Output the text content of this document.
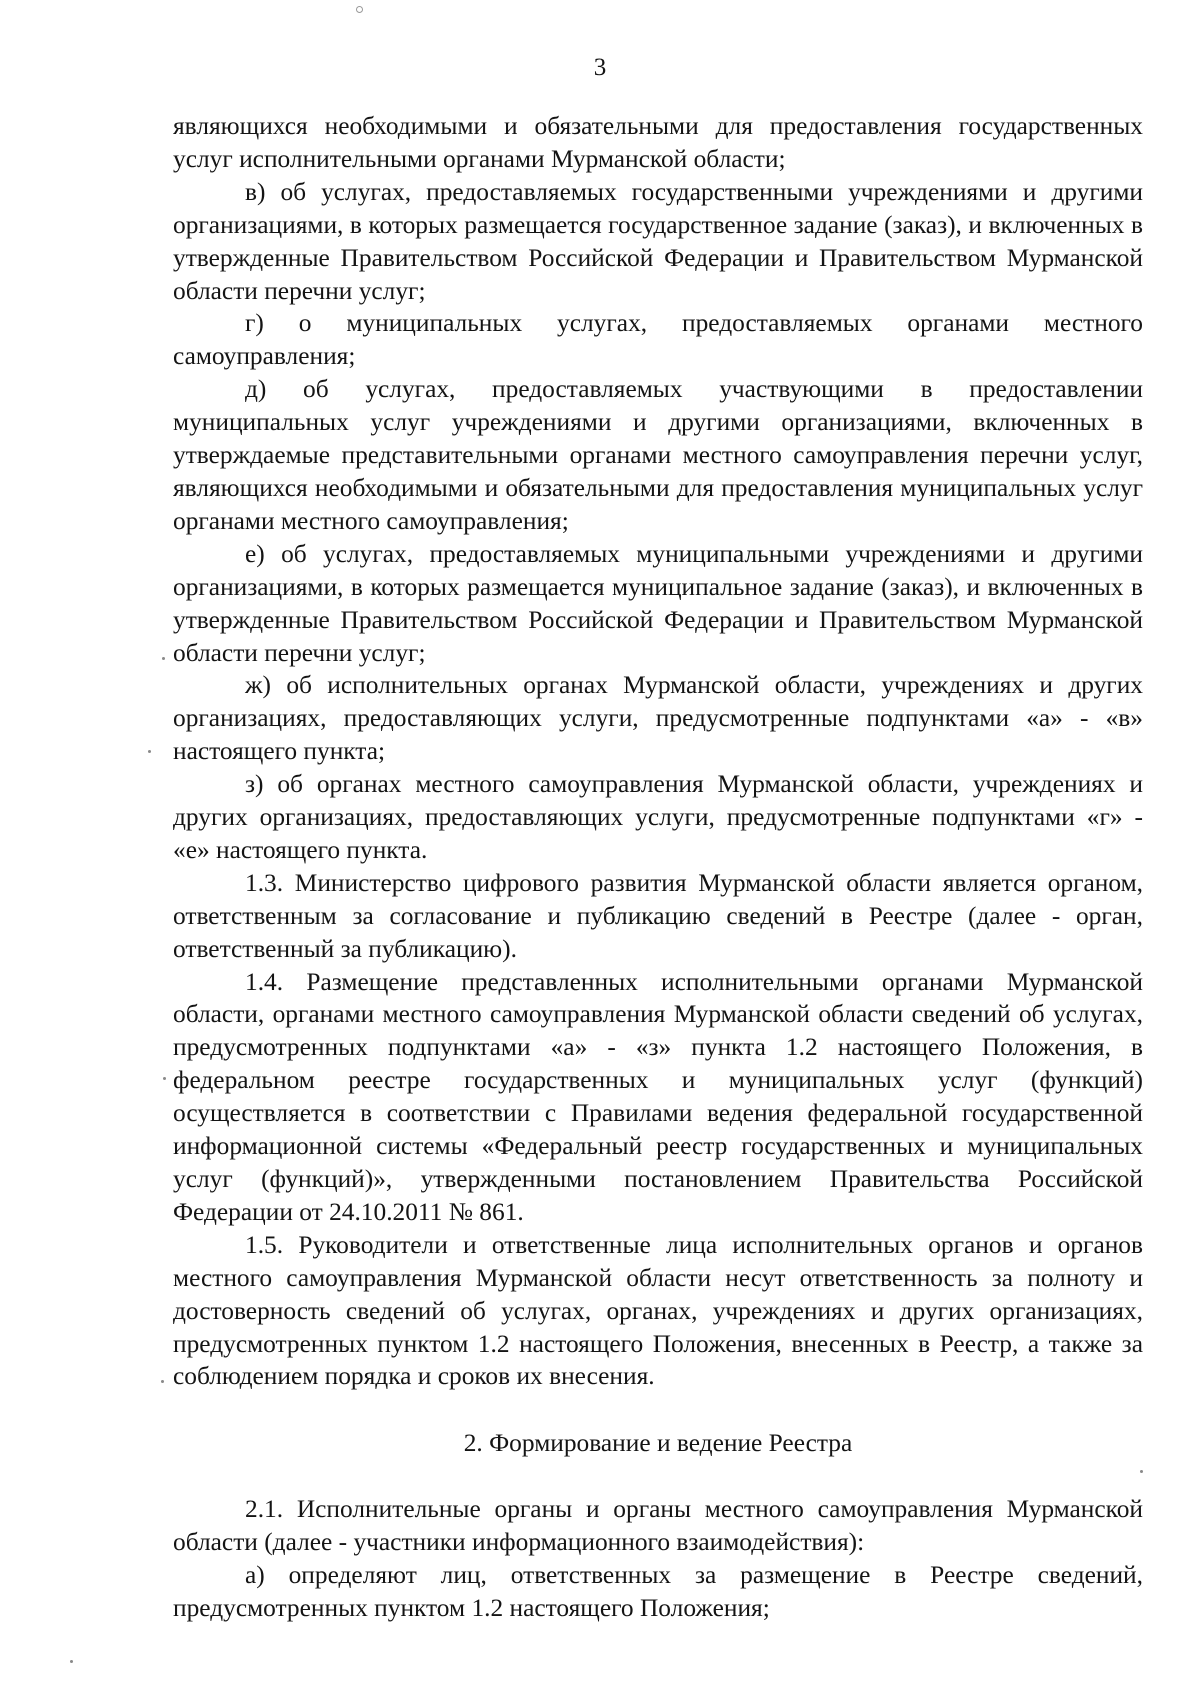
3

являющихся необходимыми и обязательными для предоставления государственных услуг исполнительными органами Мурманской области;

в) об услугах, предоставляемых государственными учреждениями и другими организациями, в которых размещается государственное задание (заказ), и включенных в утвержденные Правительством Российской Федерации и Правительством Мурманской области перечни услуг;

г) о муниципальных услугах, предоставляемых органами местного самоуправления;

д) об услугах, предоставляемых участвующими в предоставлении муниципальных услуг учреждениями и другими организациями, включенных в утверждаемые представительными органами местного самоуправления перечни услуг, являющихся необходимыми и обязательными для предоставления муниципальных услуг органами местного самоуправления;

е) об услугах, предоставляемых муниципальными учреждениями и другими организациями, в которых размещается муниципальное задание (заказ), и включенных в утвержденные Правительством Российской Федерации и Правительством Мурманской области перечни услуг;

ж) об исполнительных органах Мурманской области, учреждениях и других организациях, предоставляющих услуги, предусмотренные подпунктами «а» - «в» настоящего пункта;

з) об органах местного самоуправления Мурманской области, учреждениях и других организациях, предоставляющих услуги, предусмотренные подпунктами «г» - «е» настоящего пункта.

1.3. Министерство цифрового развития Мурманской области является органом, ответственным за согласование и публикацию сведений в Реестре (далее - орган, ответственный за публикацию).

1.4. Размещение представленных исполнительными органами Мурманской области, органами местного самоуправления Мурманской области сведений об услугах, предусмотренных подпунктами «а» - «з» пункта 1.2 настоящего Положения, в федеральном реестре государственных и муниципальных услуг (функций) осуществляется в соответствии с Правилами ведения федеральной государственной информационной системы «Федеральный реестр государственных и муниципальных услуг (функций)», утвержденными постановлением Правительства Российской Федерации от 24.10.2011 № 861.

1.5. Руководители и ответственные лица исполнительных органов и органов местного самоуправления Мурманской области несут ответственность за полноту и достоверность сведений об услугах, органах, учреждениях и других организациях, предусмотренных пунктом 1.2 настоящего Положения, внесенных в Реестр, а также за соблюдением порядка и сроков их внесения.

2. Формирование и ведение Реестра

2.1. Исполнительные органы и органы местного самоуправления Мурманской области (далее - участники информационного взаимодействия):

а) определяют лиц, ответственных за размещение в Реестре сведений, предусмотренных пунктом 1.2 настоящего Положения;
